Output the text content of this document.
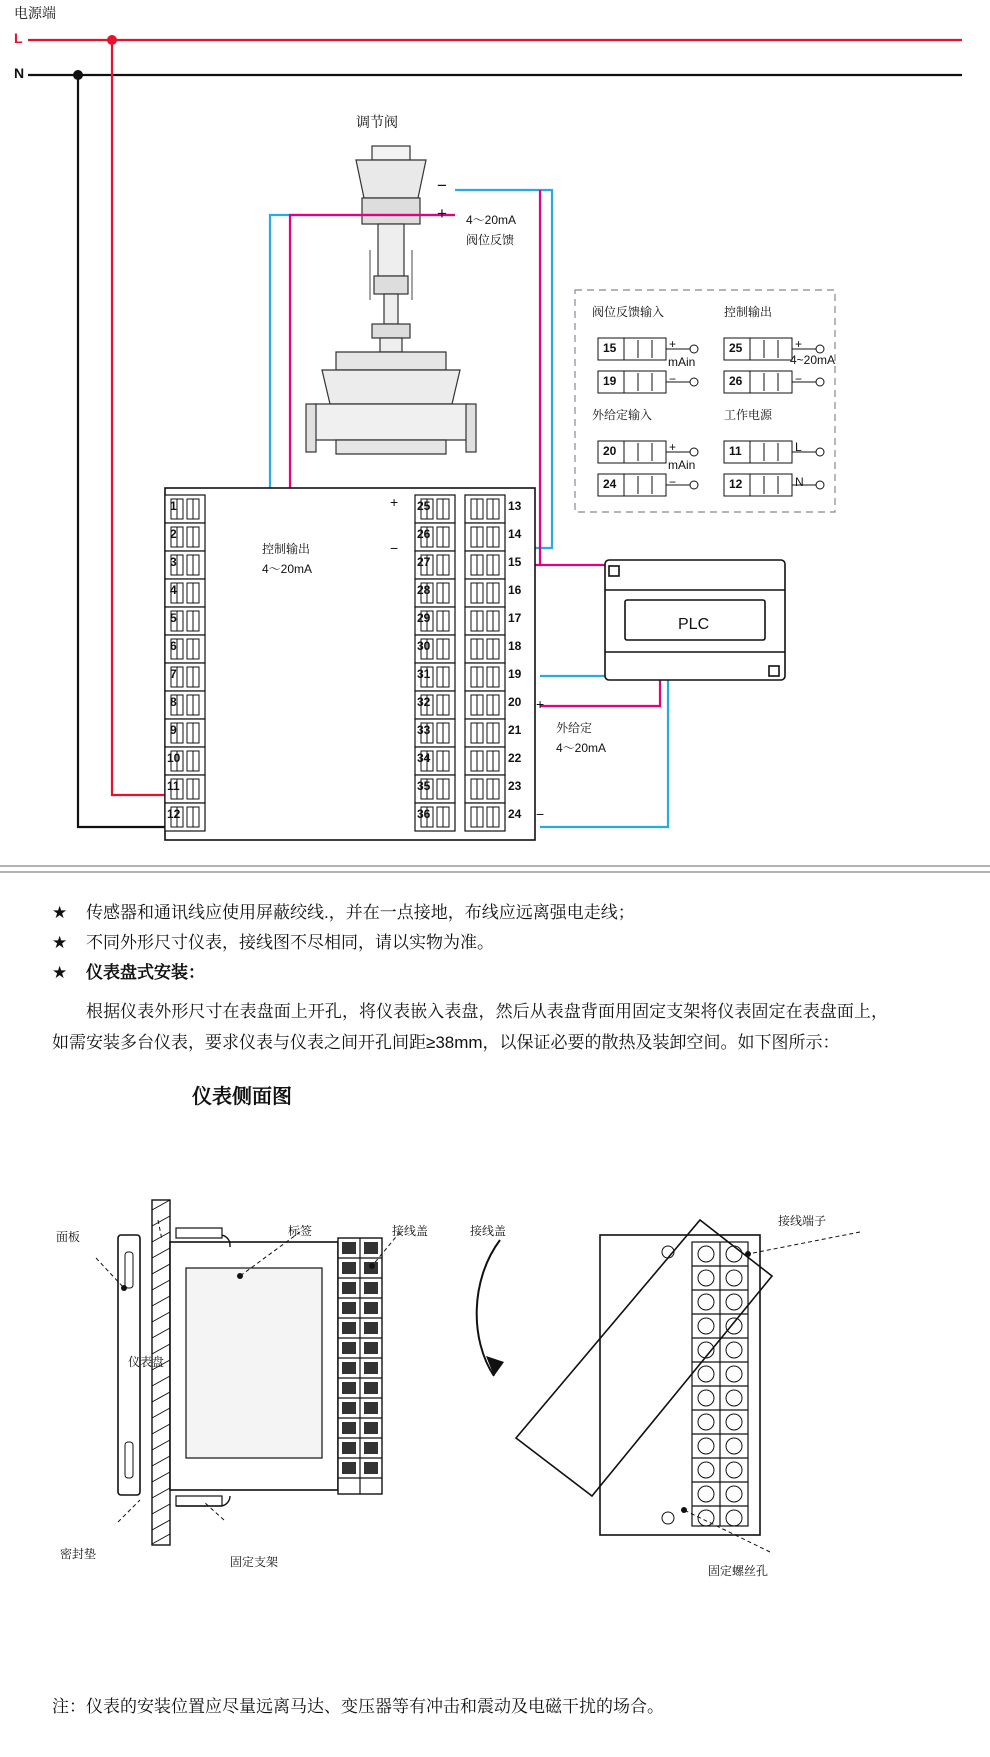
电源端
L
N
调节阀
−
+ 4～20mA
阀位反馈
阀位反馈输入	控制输出
外给定输入	工作电源
15
19
+
−
mAin
25
26
+
−
4~20mA
20
24
+
−
mAin
11
12
L
N
控制输出
4～20mA
+
−
外给定
4～20mA
+
−
PLC
1
2
3
4
5
6
7
8
9
10
11
12
25
26
27
28
29
30
31
32
33
34
35
36
13
14
15
16
17
18
19
20
21
22
23
24
★ 传感器和通讯线应使用屏蔽绞线.，并在一点接地，布线应远离强电走线；
★ 不同外形尺寸仪表，接线图不尽相同，请以实物为准。
★ 仪表盘式安装：
根据仪表外形尺寸在表盘面上开孔，将仪表嵌入表盘，然后从表盘背面用固定支架将仪表固定在表盘面上，如需安装多台仪表，要求仪表与仪表之间开孔间距≥38mm，以保证必要的散热及装卸空间。如下图所示：
仪表侧面图
仪表盘
面板	标签	接线盖	接线盖
接线端子
密封垫
固定支架
固定螺丝孔
注：仪表的安装位置应尽量远离马达、变压器等有冲击和震动及电磁干扰的场合。
